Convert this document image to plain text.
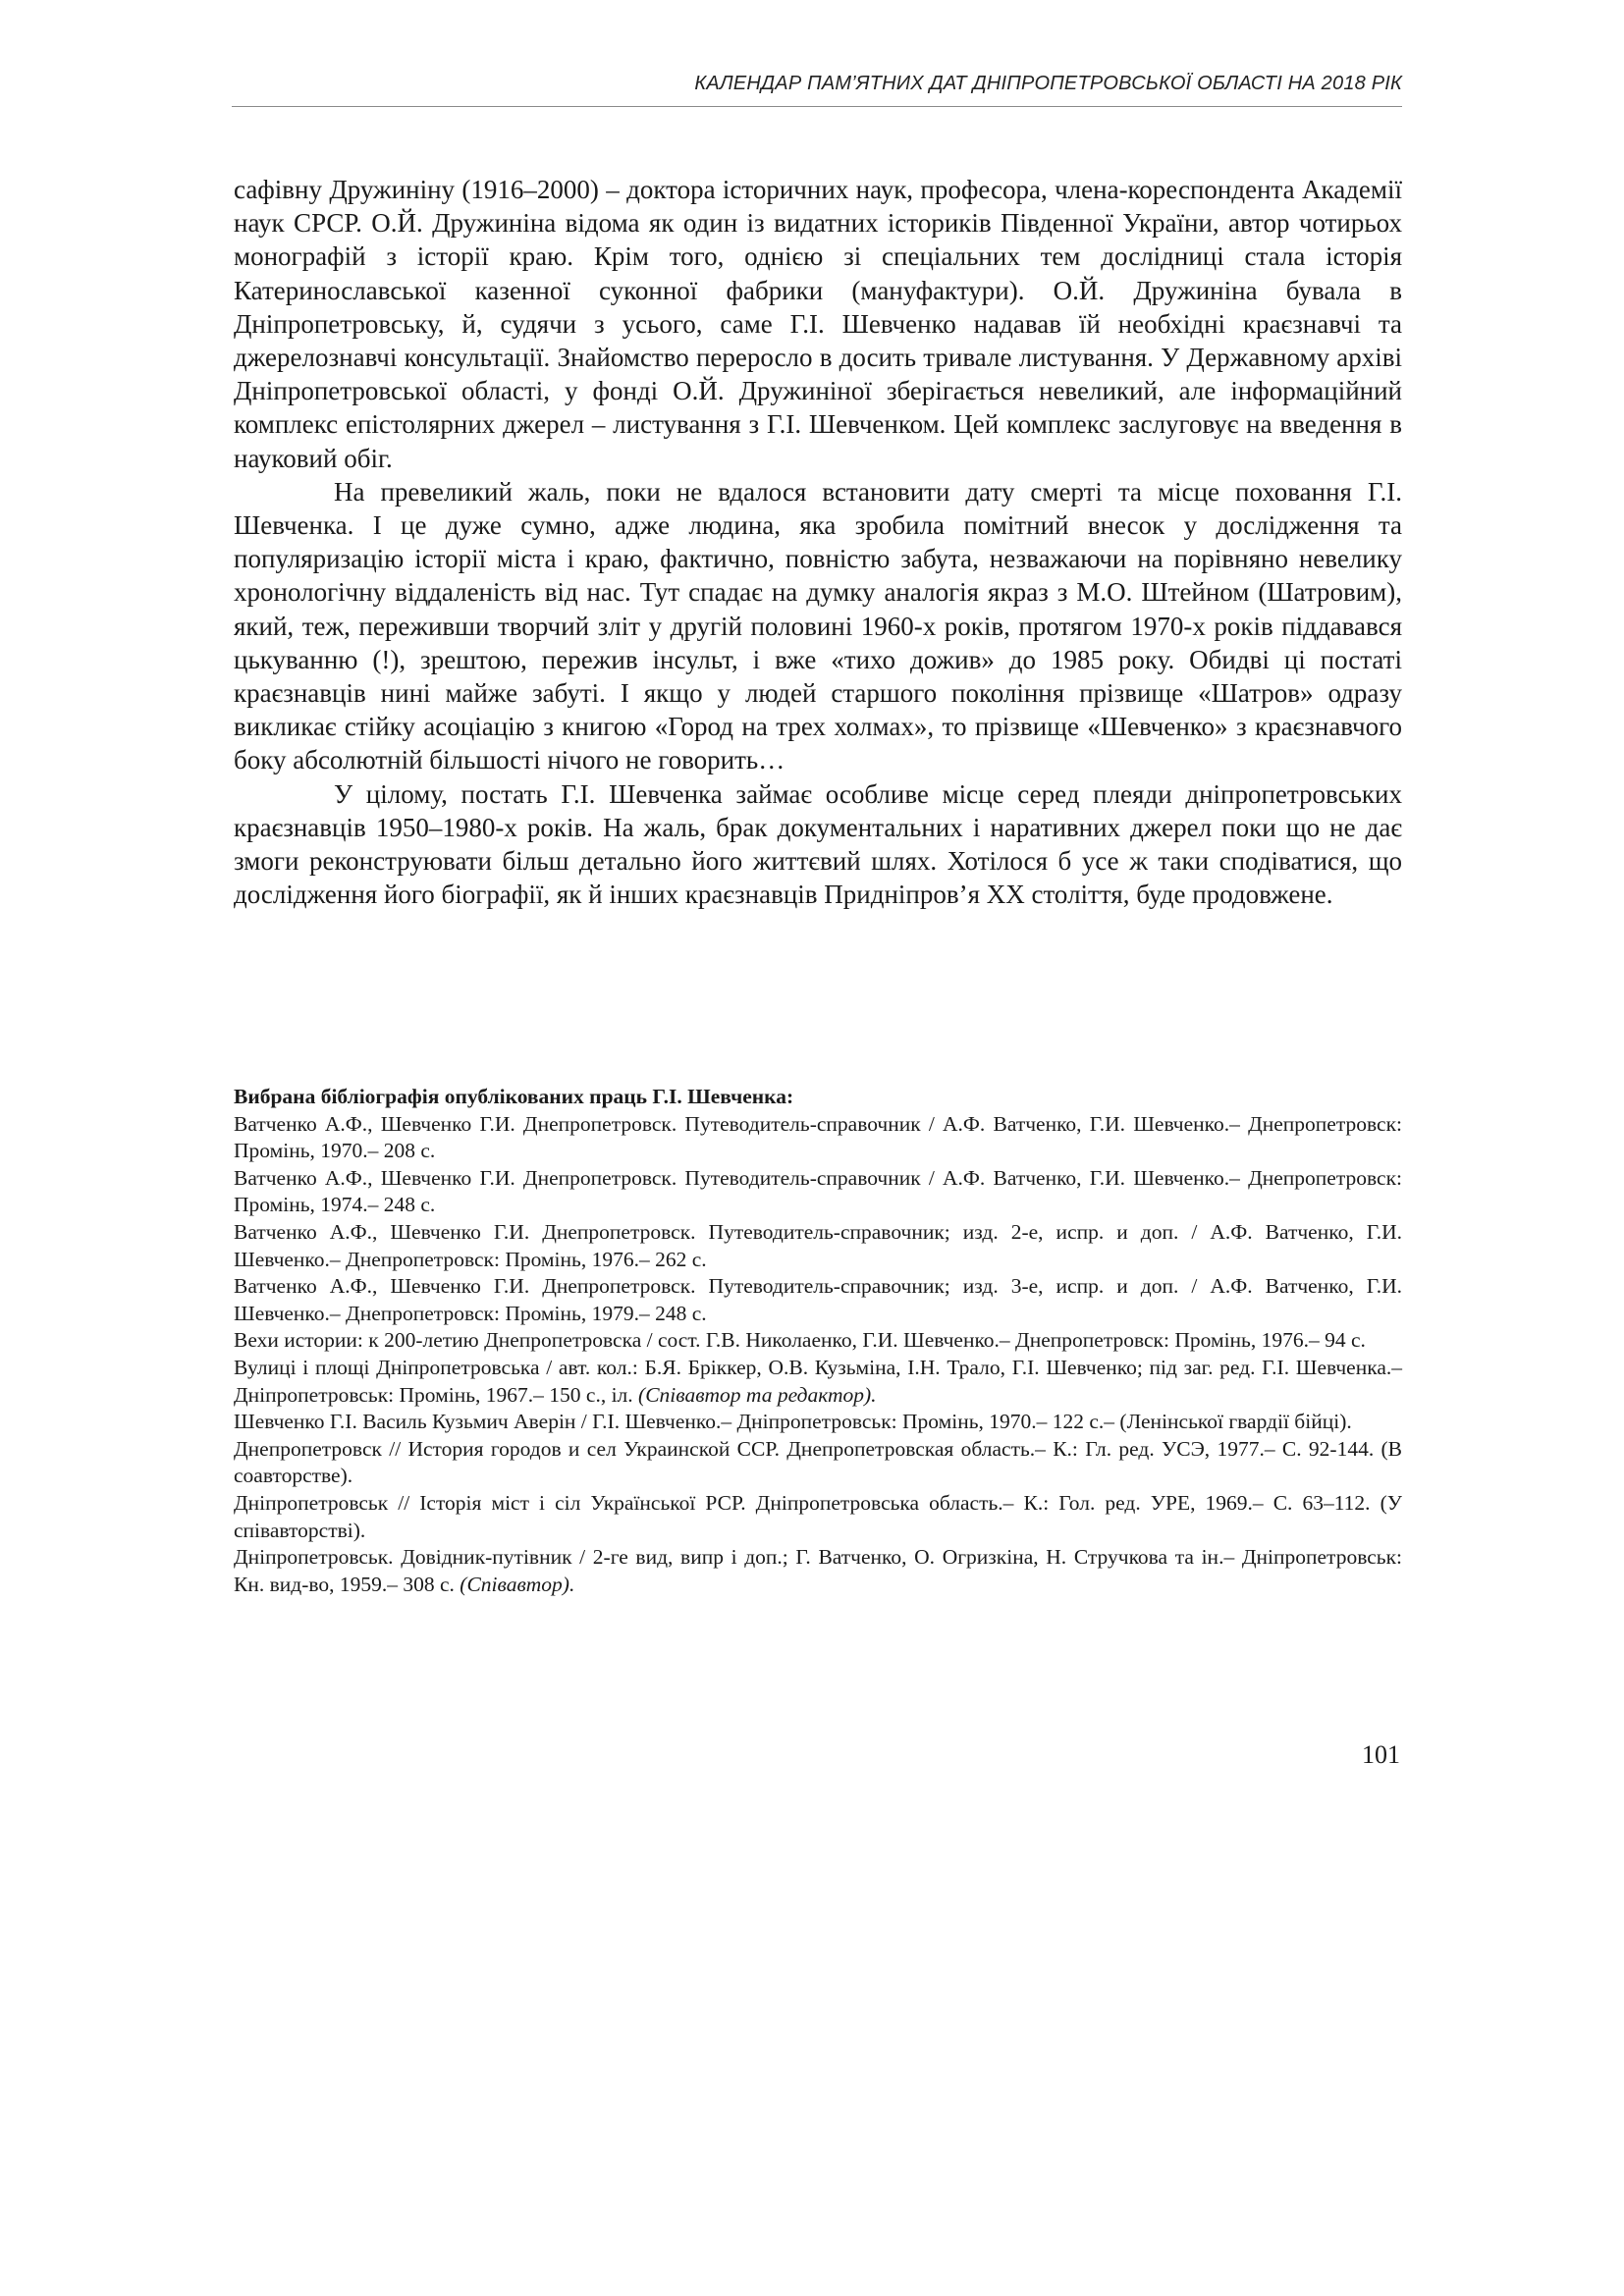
КАЛЕНДАР ПАМ’ЯТНИХ ДАТ ДНІПРОПЕТРОВСЬКОЇ ОБЛАСТІ НА 2018 РІК

сафівну Дружиніну (1916–2000) – доктора історичних наук, професора, члена-кореспондента Академії наук СРСР. О.Й. Дружиніна відома як один із видатних істориків Південної України, автор чотирьох монографій з історії краю. Крім того, однією зі спеціальних тем дослідниці стала історія Катеринославської казенної суконної фабрики (мануфактури). О.Й. Дружиніна бувала в Дніпропетровську, й, судячи з усього, саме Г.І. Шевченко надавав їй необхідні краєзнавчі та джерелознавчі консультації. Знайомство переросло в досить тривале листування. У Державному архіві Дніпропетровської області, у фонді О.Й. Дружиніної зберігається невеликий, але інформаційний комплекс епістолярних джерел – листування з Г.І. Шевченком. Цей комплекс заслуговує на введення в науковий обіг.

На превеликий жаль, поки не вдалося встановити дату смерті та місце поховання Г.І. Шевченка. І це дуже сумно, адже людина, яка зробила помітний внесок у дослідження та популяризацію історії міста і краю, фактично, повністю забута, незважаючи на порівняно невелику хронологічну віддаленість від нас. Тут спадає на думку аналогія якраз з М.О. Штейном (Шатровим), який, теж, переживши творчий зліт у другій половині 1960-х років, протягом 1970-х років піддавався цькуванню (!), зрештою, пережив інсульт, і вже «тихо дожив» до 1985 року. Обидві ці постаті краєзнавців нині майже забуті. І якщо у людей старшого покоління прізвище «Шатров» одразу викликає стійку асоціацію з книгою «Город на трех холмах», то прізвище «Шевченко» з краєзнавчого боку абсолютній більшості нічого не говорить…

У цілому, постать Г.І. Шевченка займає особливе місце серед плеяди дніпропетровських краєзнавців 1950–1980-х років. На жаль, брак документальних і наративних джерел поки що не дає змоги реконструювати більш детально його життєвий шлях. Хотілося б усе ж таки сподіватися, що дослідження його біографії, як й інших краєзнавців Придніпров’я ХХ століття, буде продовжене.

Вибрана бібліографія опублікованих праць Г.І. Шевченка:

Ватченко А.Ф., Шевченко Г.И. Днепропетровск. Путеводитель-справочник / А.Ф. Ватченко, Г.И. Шевченко.– Днепропетровск: Промінь, 1970.– 208 с.
Ватченко А.Ф., Шевченко Г.И. Днепропетровск. Путеводитель-справочник / А.Ф. Ватченко, Г.И. Шевченко.– Днепропетровск: Промінь, 1974.– 248 с.
Ватченко А.Ф., Шевченко Г.И. Днепропетровск. Путеводитель-справочник; изд. 2-е, испр. и доп. / А.Ф. Ватченко, Г.И. Шевченко.– Днепропетровск: Промінь, 1976.– 262 с.
Ватченко А.Ф., Шевченко Г.И. Днепропетровск. Путеводитель-справочник; изд. 3-е, испр. и доп. / А.Ф. Ватченко, Г.И. Шевченко.– Днепропетровск: Промінь, 1979.– 248 с.
Вехи истории: к 200-летию Днепропетровска / сост. Г.В. Николаенко, Г.И. Шевченко.– Днепропетровск: Промінь, 1976.– 94 с.
Вулиці і площі Дніпропетровська / авт. кол.: Б.Я. Бріккер, О.В. Кузьміна, І.Н. Трало, Г.І. Шевченко; під заг. ред. Г.І. Шевченка.– Дніпропетровськ: Промінь, 1967.– 150 с., іл. (Співавтор та редактор).
Шевченко Г.І. Василь Кузьмич Аверін / Г.І. Шевченко.– Дніпропетровськ: Промінь, 1970.– 122 с.– (Ленінської гвардії бійці).
Днепропетровск // История городов и сел Украинской ССР. Днепропетровская область.– К.: Гл. ред. УСЭ, 1977.– С. 92-144. (В соавторстве).
Дніпропетровськ // Історія міст і сіл Української РСР. Дніпропетровська область.– К.: Гол. ред. УРЕ, 1969.– С. 63–112. (У співавторстві).
Дніпропетровськ. Довідник-путівник / 2-ге вид, випр і доп.; Г. Ватченко, О. Огризкіна, Н. Стручкова та ін.– Дніпропетровськ: Кн. вид-во, 1959.– 308 с. (Співавтор).
101
